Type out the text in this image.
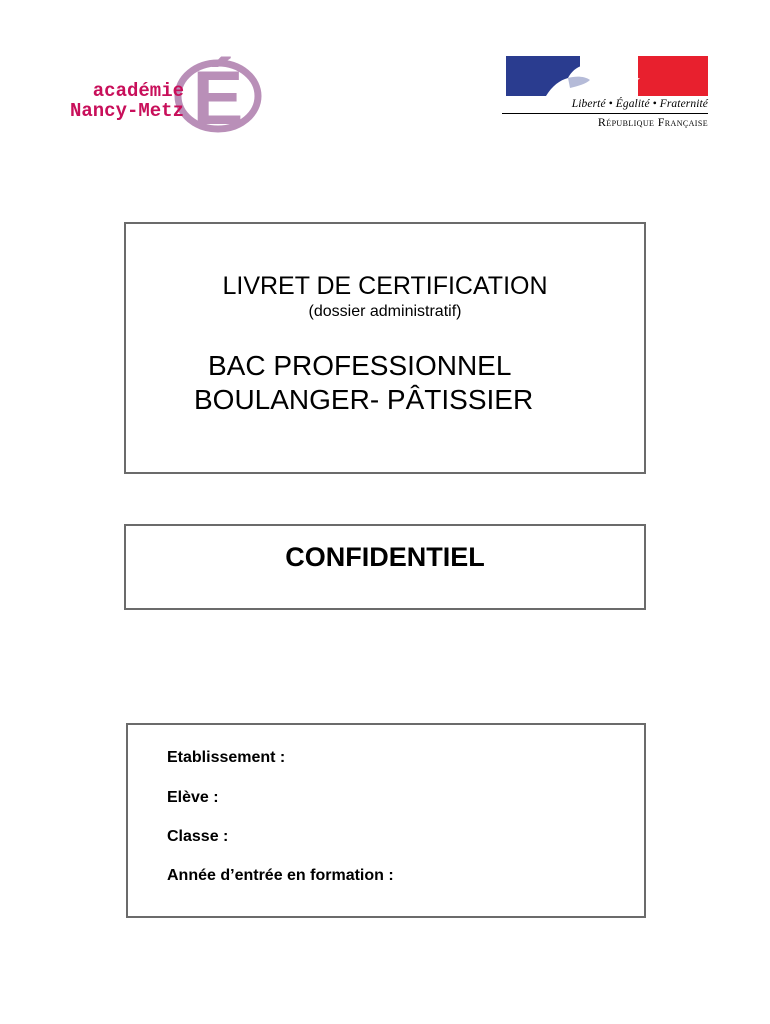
É
académie
Nancy-Metz	Liberté • Égalité • Fraternité
République Française
LIVRET DE CERTIFICATION
(dossier administratif)
BAC PROFESSIONNEL
BOULANGER- PÂTISSIER
CONFIDENTIEL
Etablissement :
Elève :
Classe :
Année d’entrée en formation :
